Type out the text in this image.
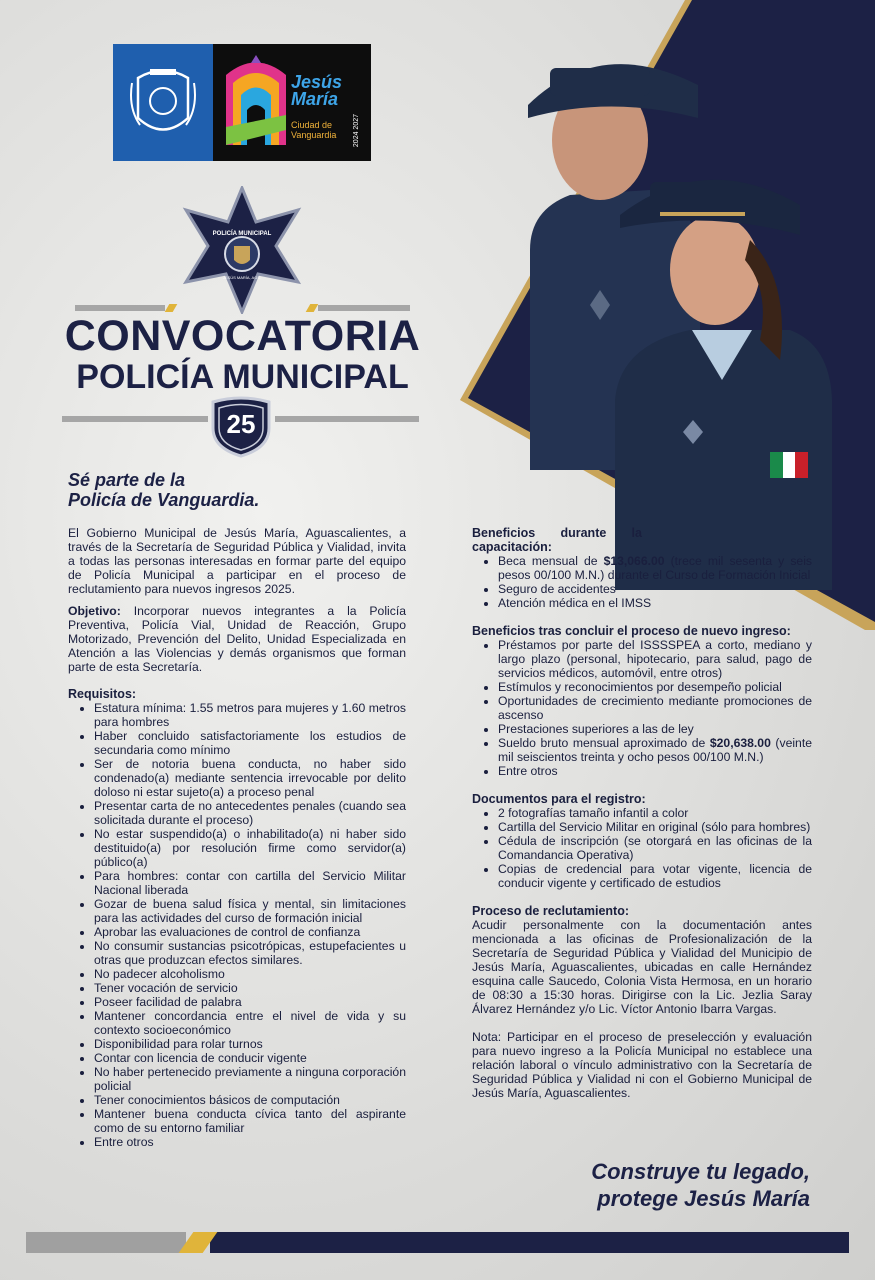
Jesús María
Ciudad de Vanguardia	2024 2027
POLICÍA MUNICIPAL
JESÚS MARÍA, AGS.
CONVOCATORIA
POLICÍA MUNICIPAL
25
Sé parte de la
Policía de Vanguardia.

El Gobierno Municipal de Jesús María, Aguascalientes, a través de la Secretaría de Seguridad Pública y Vialidad, invita a todas las personas interesadas en formar parte del equipo de Policía Municipal a participar en el proceso de reclutamiento para nuevos ingresos 2025.

Objetivo: Incorporar nuevos integrantes a la Policía Preventiva, Policía Vial, Unidad de Reacción, Grupo Motorizado, Prevención del Delito, Unidad Especializada en Atención a las Violencias y demás organismos que forman parte de esta Secretaría.

Requisitos:
• Estatura mínima: 1.55 metros para mujeres y 1.60 metros para hombres
• Haber concluido satisfactoriamente los estudios de secundaria como mínimo
• Ser de notoria buena conducta, no haber sido condenado(a) mediante sentencia irrevocable por delito doloso ni estar sujeto(a) a proceso penal
• Presentar carta de no antecedentes penales (cuando sea solicitada durante el proceso)
• No estar suspendido(a) o inhabilitado(a) ni haber sido destituido(a) por resolución firme como servidor(a) público(a)
• Para hombres: contar con cartilla del Servicio Militar Nacional liberada
• Gozar de buena salud física y mental, sin limitaciones para las actividades del curso de formación inicial
• Aprobar las evaluaciones de control de confianza
• No consumir sustancias psicotrópicas, estupefacientes u otras que produzcan efectos similares.
• No padecer alcoholismo
• Tener vocación de servicio
• Poseer facilidad de palabra
• Mantener concordancia entre el nivel de vida y su contexto socioeconómico
• Disponibilidad para rolar turnos
• Contar con licencia de conducir vigente
• No haber pertenecido previamente a ninguna corporación policial
• Tener conocimientos básicos de computación
• Mantener buena conducta cívica tanto del aspirante como de su entorno familiar
• Entre otros
Beneficios durante la capacitación:
• Beca mensual de $13,066.00 (trece mil sesenta y seis pesos 00/100 M.N.) durante el Curso de Formación Inicial
• Seguro de accidentes
• Atención médica en el IMSS
Beneficios tras concluir el proceso de nuevo ingreso:
• Préstamos por parte del ISSSSPEA a corto, mediano y largo plazo (personal, hipotecario, para salud, pago de servicios médicos, automóvil, entre otros)
• Estímulos y reconocimientos por desempeño policial
• Oportunidades de crecimiento mediante promociones de ascenso
• Prestaciones superiores a las de ley
• Sueldo bruto mensual aproximado de $20,638.00 (veinte mil seiscientos treinta y ocho pesos 00/100 M.N.)
• Entre otros
Documentos para el registro:
• 2 fotografías tamaño infantil a color
• Cartilla del Servicio Militar en original (sólo para hombres)
• Cédula de inscripción (se otorgará en las oficinas de la Comandancia Operativa)
• Copias de credencial para votar vigente, licencia de conducir vigente y certificado de estudios
Proceso de reclutamiento:

Acudir personalmente con la documentación antes mencionada a las oficinas de Profesionalización de la Secretaría de Seguridad Pública y Vialidad del Municipio de Jesús María, Aguascalientes, ubicadas en calle Hernández esquina calle Saucedo, Colonia Vista Hermosa, en un horario de 08:30 a 15:30 horas. Dirigirse con la Lic. Jezlia Saray Álvarez Hernández y/o Lic. Víctor Antonio Ibarra Vargas.

Nota: Participar en el proceso de preselección y evaluación para nuevo ingreso a la Policía Municipal no establece una relación laboral o vínculo administrativo con la Secretaría de Seguridad Pública y Vialidad ni con el Gobierno Municipal de Jesús María, Aguascalientes.

Construye tu legado,
protege Jesús María
